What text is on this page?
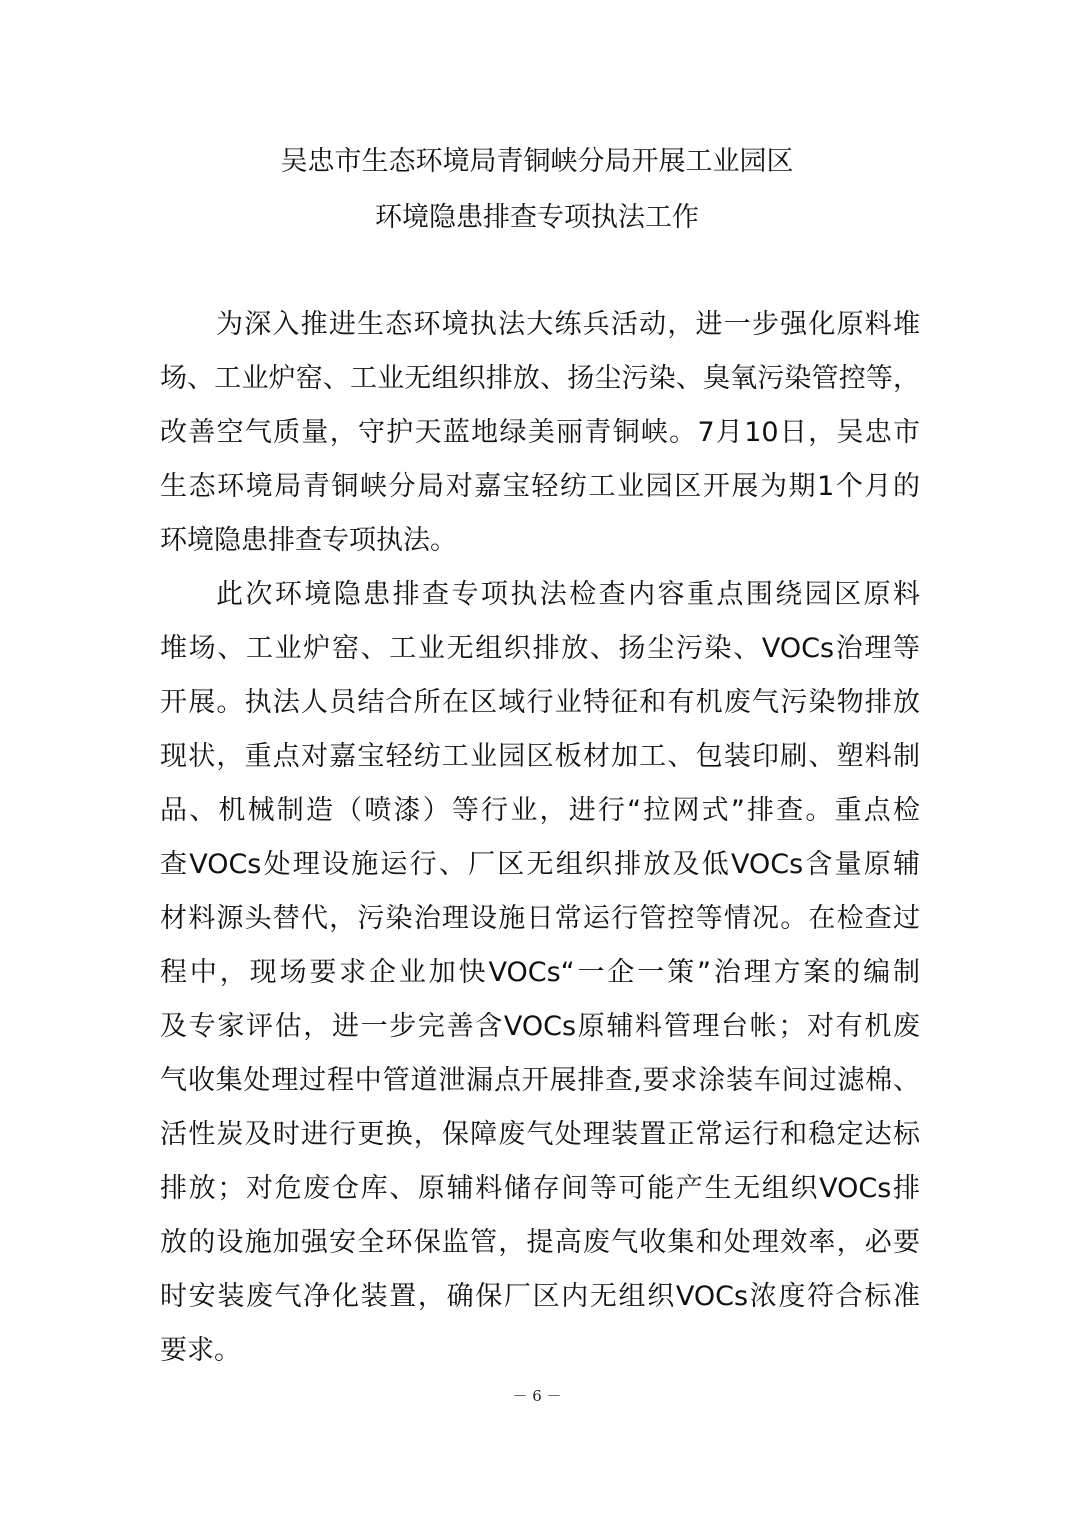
吴忠市生态环境局青铜峡分局开展工业园区
环境隐患排查专项执法工作
为深入推进生态环境执法大练兵活动，进一步强化原料堆
场、工业炉窑、工业无组织排放、扬尘污染、臭氧污染管控等，
改善空气质量，守护天蓝地绿美丽青铜峡。7月10日，吴忠市
生态环境局青铜峡分局对嘉宝轻纺工业园区开展为期1个月的
环境隐患排查专项执法。
此次环境隐患排查专项执法检查内容重点围绕园区原料
堆场、工业炉窑、工业无组织排放、扬尘污染、VOCs治理等
开展。执法人员结合所在区域行业特征和有机废气污染物排放
现状，重点对嘉宝轻纺工业园区板材加工、包装印刷、塑料制
品、机械制造（喷漆）等行业，进行“拉网式”排查。重点检
查VOCs处理设施运行、厂区无组织排放及低VOCs含量原辅
材料源头替代，污染治理设施日常运行管控等情况。在检查过
程中，现场要求企业加快VOCs“一企一策”治理方案的编制
及专家评估，进一步完善含VOCs原辅料管理台帐；对有机废
气收集处理过程中管道泄漏点开展排查,要求涂装车间过滤棉、
活性炭及时进行更换，保障废气处理装置正常运行和稳定达标
排放；对危废仓库、原辅料储存间等可能产生无组织VOCs排
放的设施加强安全环保监管，提高废气收集和处理效率，必要
时安装废气净化装置，确保厂区内无组织VOCs浓度符合标准
要求。
－ 6 －
